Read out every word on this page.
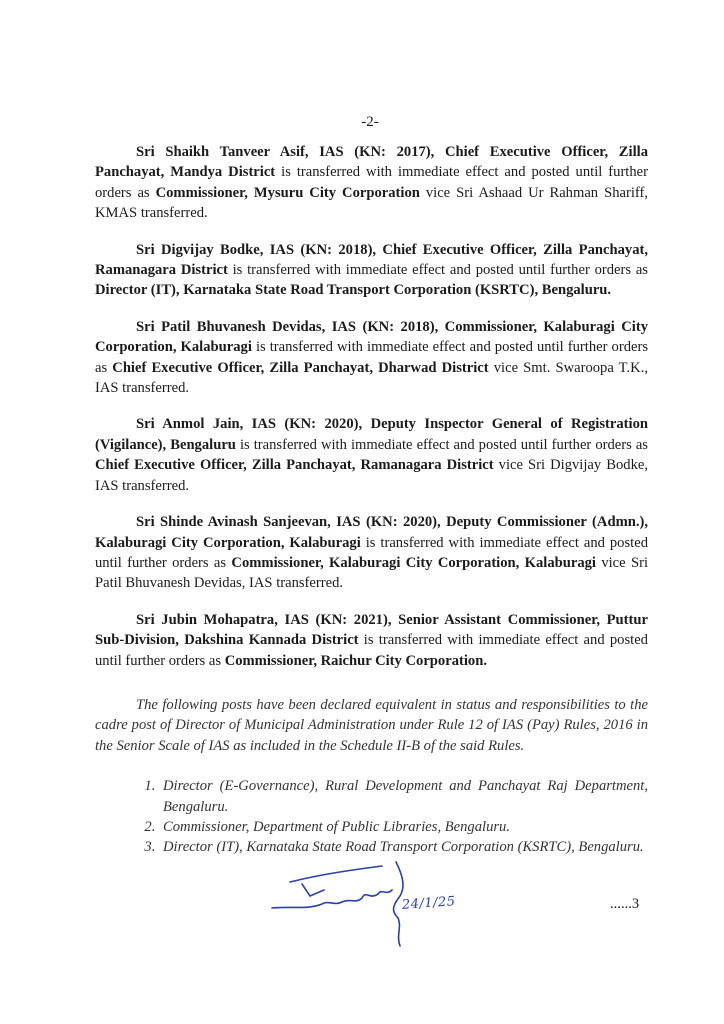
-2-

Sri Shaikh Tanveer Asif, IAS (KN: 2017), Chief Executive Officer, Zilla Panchayat, Mandya District is transferred with immediate effect and posted until further orders as Commissioner, Mysuru City Corporation vice Sri Ashaad Ur Rahman Shariff, KMAS transferred.

Sri Digvijay Bodke, IAS (KN: 2018), Chief Executive Officer, Zilla Panchayat, Ramanagara District is transferred with immediate effect and posted until further orders as Director (IT), Karnataka State Road Transport Corporation (KSRTC), Bengaluru.

Sri Patil Bhuvanesh Devidas, IAS (KN: 2018), Commissioner, Kalaburagi City Corporation, Kalaburagi is transferred with immediate effect and posted until further orders as Chief Executive Officer, Zilla Panchayat, Dharwad District vice Smt. Swaroopa T.K., IAS transferred.

Sri Anmol Jain, IAS (KN: 2020), Deputy Inspector General of Registration (Vigilance), Bengaluru is transferred with immediate effect and posted until further orders as Chief Executive Officer, Zilla Panchayat, Ramanagara District vice Sri Digvijay Bodke, IAS transferred.

Sri Shinde Avinash Sanjeevan, IAS (KN: 2020), Deputy Commissioner (Admn.), Kalaburagi City Corporation, Kalaburagi is transferred with immediate effect and posted until further orders as Commissioner, Kalaburagi City Corporation, Kalaburagi vice Sri Patil Bhuvanesh Devidas, IAS transferred.

Sri Jubin Mohapatra, IAS (KN: 2021), Senior Assistant Commissioner, Puttur Sub-Division, Dakshina Kannada District is transferred with immediate effect and posted until further orders as Commissioner, Raichur City Corporation.

The following posts have been declared equivalent in status and responsibilities to the cadre post of Director of Municipal Administration under Rule 12 of IAS (Pay) Rules, 2016 in the Senior Scale of IAS as included in the Schedule II-B of the said Rules.

1. Director (E-Governance), Rural Development and Panchayat Raj Department, Bengaluru.
2. Commissioner, Department of Public Libraries, Bengaluru.
3. Director (IT), Karnataka State Road Transport Corporation (KSRTC), Bengaluru.
24/1/25	......3
